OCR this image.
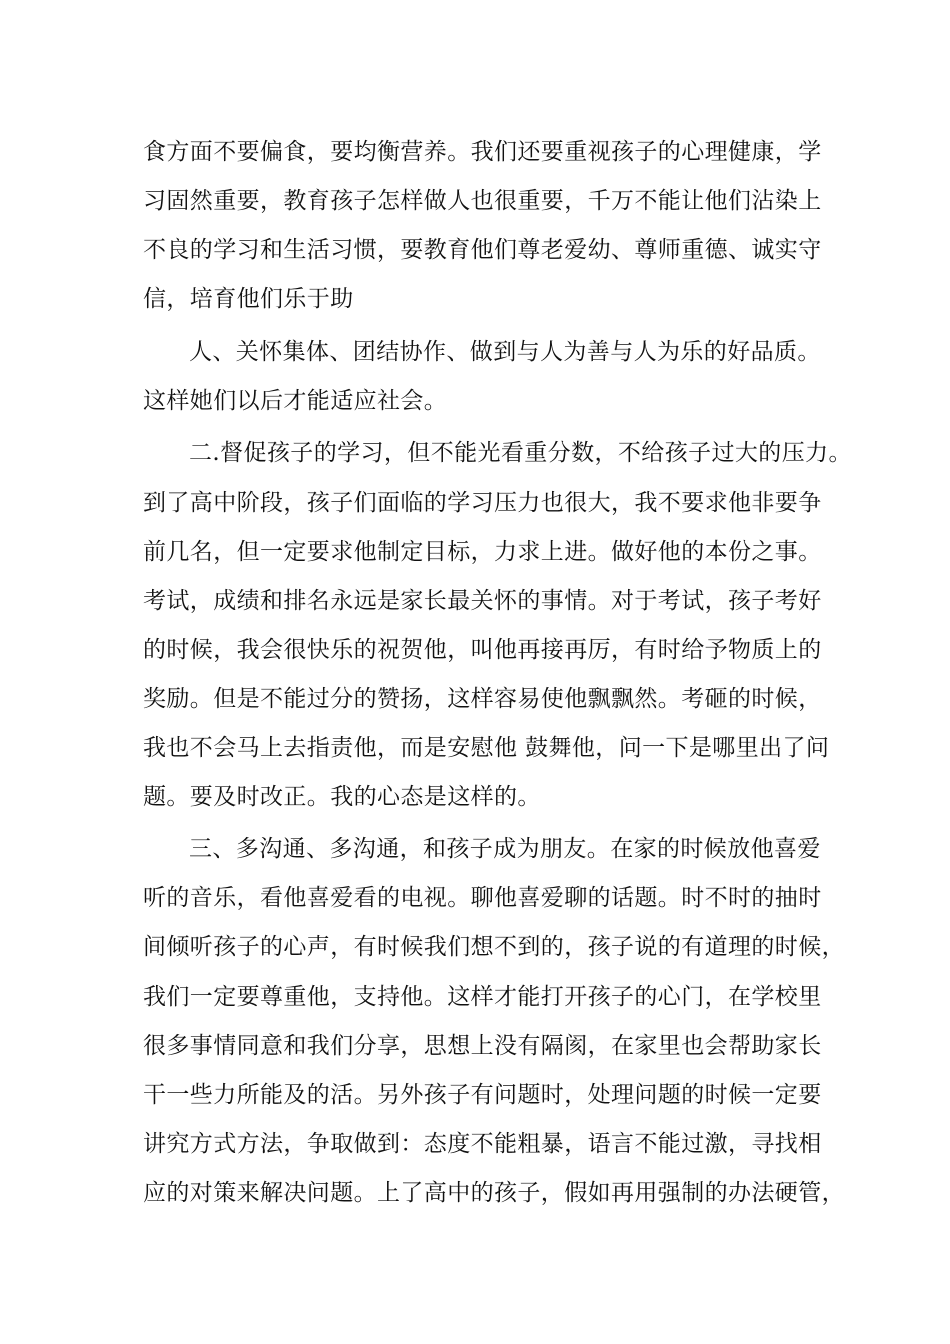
食方面不要偏食，要均衡营养。我们还要重视孩子的心理健康，学

习固然重要，教育孩子怎样做人也很重要，千万不能让他们沾染上

不良的学习和生活习惯，要教育他们尊老爱幼、尊师重德、诚实守

信，培育他们乐于助

人、关怀集体、团结协作、做到与人为善与人为乐的好品质。

这样她们以后才能适应社会。

二.督促孩子的学习，但不能光看重分数，不给孩子过大的压力。

到了高中阶段，孩子们面临的学习压力也很大，我不要求他非要争

前几名，但一定要求他制定目标，力求上进。做好他的本份之事。

考试，成绩和排名永远是家长最关怀的事情。对于考试，孩子考好

的时候，我会很快乐的祝贺他，叫他再接再厉，有时给予物质上的

奖励。但是不能过分的赞扬，这样容易使他飘飘然。考砸的时候，

我也不会马上去指责他，而是安慰他 鼓舞他，问一下是哪里出了问

题。要及时改正。我的心态是这样的。

三、多沟通、多沟通，和孩子成为朋友。在家的时候放他喜爱

听的音乐，看他喜爱看的电视。聊他喜爱聊的话题。时不时的抽时

间倾听孩子的心声，有时候我们想不到的，孩子说的有道理的时候，

我们一定要尊重他，支持他。这样才能打开孩子的心门，在学校里

很多事情同意和我们分享，思想上没有隔阂，在家里也会帮助家长

干一些力所能及的活。另外孩子有问题时，处理问题的时候一定要

讲究方式方法，争取做到：态度不能粗暴，语言不能过激，寻找相

应的对策来解决问题。上了高中的孩子，假如再用强制的办法硬管，
